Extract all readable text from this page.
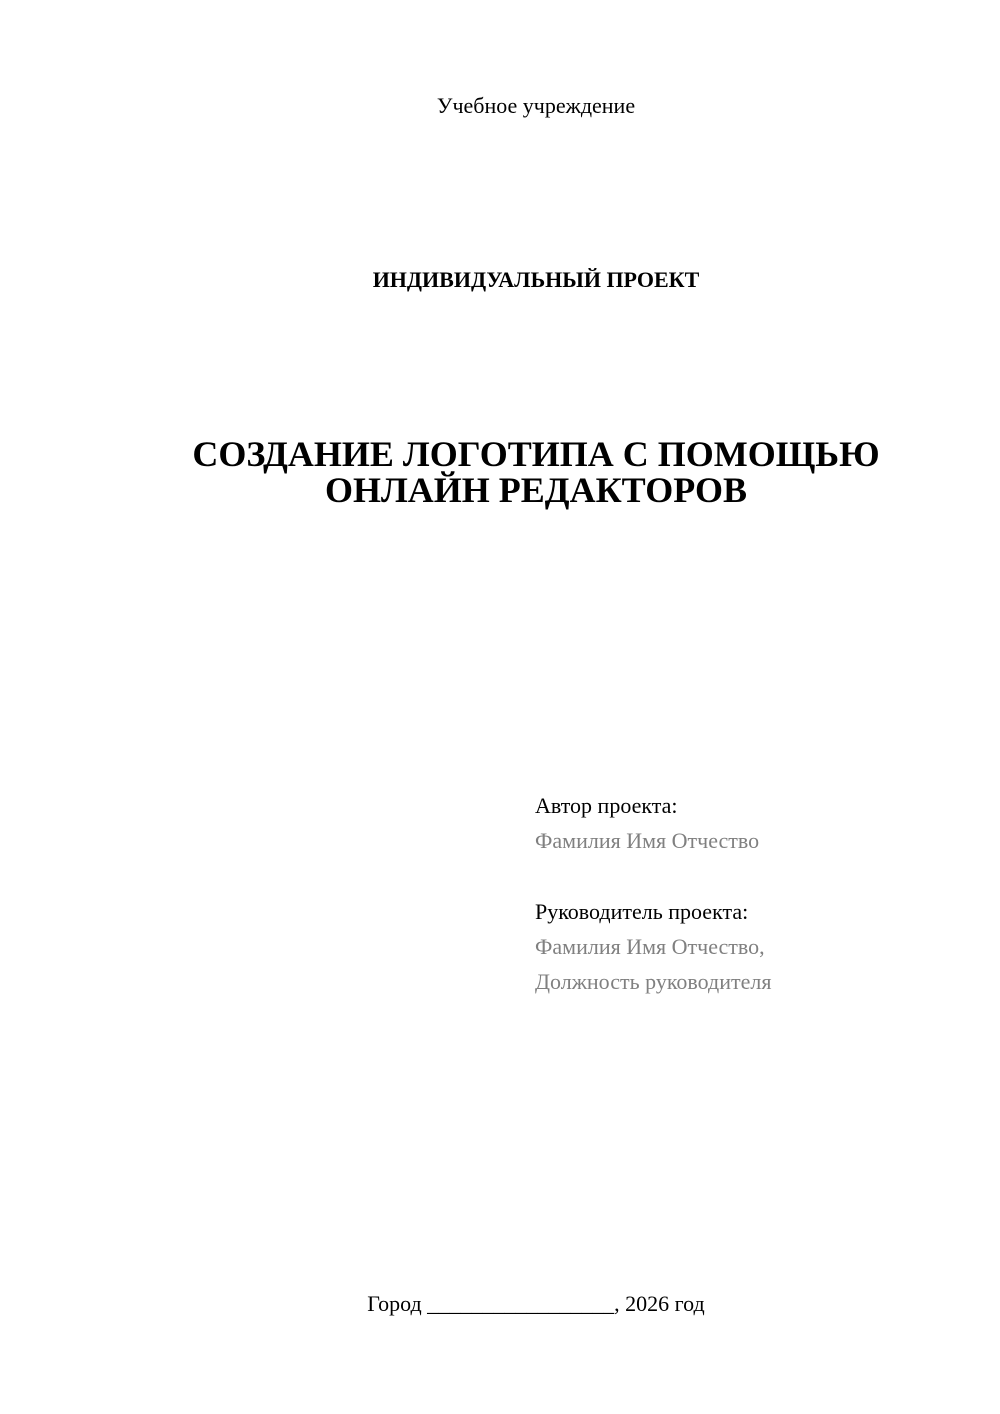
Учебное учреждение
ИНДИВИДУАЛЬНЫЙ ПРОЕКТ
СОЗДАНИЕ ЛОГОТИПА С ПОМОЩЬЮ
ОНЛАЙН РЕДАКТОРОВ
Автор проекта:
Фамилия Имя Отчество
Руководитель проекта:
Фамилия Имя Отчество,
Должность руководителя
Город _________________, 2026 год
